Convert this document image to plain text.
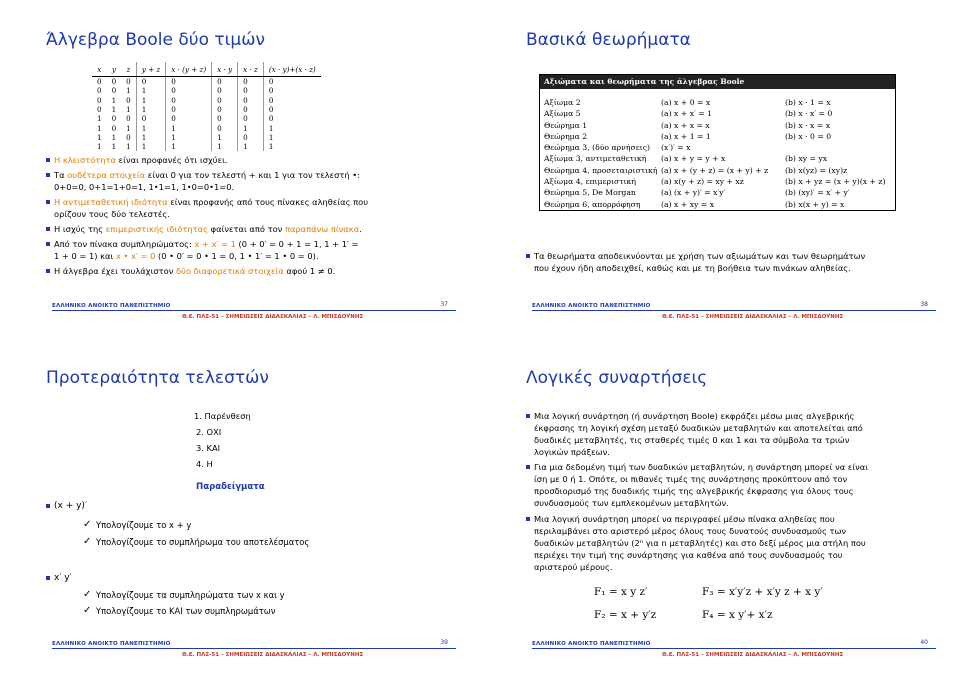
Άλγεβρα Boole δύο τιμών
x	y	z	y + z	x · (y + z)	x · y	x · z	(x · y)+(x · z)
0	0	0	0	0	0	0	0
0	0	1	1	0	0	0	0
0	1	0	1	0	0	0	0
0	1	1	1	0	0	0	0
1	0	0	0	0	0	0	0
1	0	1	1	1	0	1	1
1	1	0	1	1	1	0	1
1	1	1	1	1	1	1	1
Η κλειστότητα είναι προφανές ότι ισχύει.
Τα ουδέτερα στοιχεία είναι 0 για τον τελεστή + και 1 για τον τελεστή •:
0+0=0, 0+1=1+0=1, 1•1=1, 1•0=0•1=0.
Η αντιμεταθετική ιδιότητα είναι προφανής από τους πίνακες αληθείας που
ορίζουν τους δύο τελεστές.
Η ισχύς της επιμεριστικής ιδιότητας φαίνεται από τον παραπάνω πίνακα.
Από τον πίνακα συμπληρώματος: x + x′ = 1 (0 + 0′ = 0 + 1 = 1, 1 + 1′ =
1 + 0 = 1) και x • x′ = 0 (0 • 0′ = 0 • 1 = 0, 1 • 1′ = 1 • 0 = 0).
Η άλγεβρα έχει τουλάχιστον δύο διαφορετικά στοιχεία αφού 1 ≠ 0.
ΕΛΛΗΝΙΚΟ ΑΝΟΙΚΤΟ ΠΑΝΕΠΙΣΤΗΜΙΟ	37
Θ.Ε. ΠΛΣ-51 – ΣΗΜΕΙΩΣΕΙΣ ΔΙΔΑΣΚΑΛΙΑΣ – Λ. ΜΠΙΣΔΟΥΝΗΣ
Βασικά θεωρήματα
Αξιώματα και θεωρήματα της άλγεβρας Boole
Αξίωμα 2	(a) x + 0 = x	(b) x · 1 = x
Αξίωμα 5	(a) x + x′ = 1	(b) x · x′ = 0
Θεώρημα 1	(a) x + x = x	(b) x · x = x
Θεώρημα 2	(a) x + 1 = 1	(b) x · 0 = 0
Θεώρημα 3, (δύο αρνήσεις) (x′)′ = x
Αξίωμα 3, αντιμεταθετική (a) x + y = y + x	(b) xy = yx
Θεώρημα 4, προσεταιριστική (a) x + (y + z) = (x + y) + z (b) x(yz) = (xy)z
Αξίωμα 4, επιμεριστική	(a) x(y + z) = xy + xz	(b) x + yz = (x + y)(x + z)
Θεώρημα 5, De Morgan	(a) (x + y)′ = x′y′	(b) (xy)′ = x′ + y′
Θεώρημα 6, απορρόφηση	(a) x + xy = x	(b) x(x + y) = x
Τα θεωρήματα αποδεικνύονται με χρήση των αξιωμάτων και των θεωρημάτων
που έχουν ήδη αποδειχθεί, καθώς και με τη βοήθεια των πινάκων αληθείας.
ΕΛΛΗΝΙΚΟ ΑΝΟΙΚΤΟ ΠΑΝΕΠΙΣΤΗΜΙΟ	38
Θ.Ε. ΠΛΣ-51 – ΣΗΜΕΙΩΣΕΙΣ ΔΙΔΑΣΚΑΛΙΑΣ – Λ. ΜΠΙΣΔΟΥΝΗΣ
Προτεραιότητα τελεστών
1. Παρένθεση
2. ΟΧΙ
3. ΚΑΙ
4. Η
Παραδείγματα
(x + y)′
✓ Υπολογίζουμε το x + y
✓ Υπολογίζουμε το συμπλήρωμα του αποτελέσματος
x′ y′
✓ Υπολογίζουμε τα συμπληρώματα των x και y
✓ Υπολογίζουμε το ΚΑΙ των συμπληρωμάτων
ΕΛΛΗΝΙΚΟ ΑΝΟΙΚΤΟ ΠΑΝΕΠΙΣΤΗΜΙΟ	39
Θ.Ε. ΠΛΣ-51 – ΣΗΜΕΙΩΣΕΙΣ ΔΙΔΑΣΚΑΛΙΑΣ – Λ. ΜΠΙΣΔΟΥΝΗΣ
Λογικές συναρτήσεις
Μια λογική συνάρτηση (ή συνάρτηση Boole) εκφράζει μέσω μιας αλγεβρικής
έκφρασης τη λογική σχέση μεταξύ δυαδικών μεταβλητών και αποτελείται από
δυαδικές μεταβλητές, τις σταθερές τιμές 0 και 1 και τα σύμβολα τα τριών
λογικών πράξεων.
Για μια δεδομένη τιμή των δυαδικών μεταβλητών, η συνάρτηση μπορεί να είναι
ίση με 0 ή 1. Οπότε, οι πιθανές τιμές της συνάρτησης προκύπτουν από τον
προσδιορισμό της δυαδικής τιμής της αλγεβρικής έκφρασης για όλους τους
συνδυασμούς των εμπλεκομένων μεταβλητών.
Μια λογική συνάρτηση μπορεί να περιγραφεί μέσω πίνακα αληθείας που
περιλαμβάνει στο αριστερό μέρος όλους τους δυνατούς συνδυασμούς των
δυαδικών μεταβλητών (2ⁿ για n μεταβλητές) και στο δεξί μέρος μια στήλη που
περιέχει την τιμή της συνάρτησης για καθένα από τους συνδυασμούς του
αριστερού μέρους.
F₁ = x y z′
F₂ = x + y′z
F₃ = x′y′z + x′y z + x y′
F₄ = x y′+ x′z
ΕΛΛΗΝΙΚΟ ΑΝΟΙΚΤΟ ΠΑΝΕΠΙΣΤΗΜΙΟ	40
Θ.Ε. ΠΛΣ-51 – ΣΗΜΕΙΩΣΕΙΣ ΔΙΔΑΣΚΑΛΙΑΣ – Λ. ΜΠΙΣΔΟΥΝΗΣ
